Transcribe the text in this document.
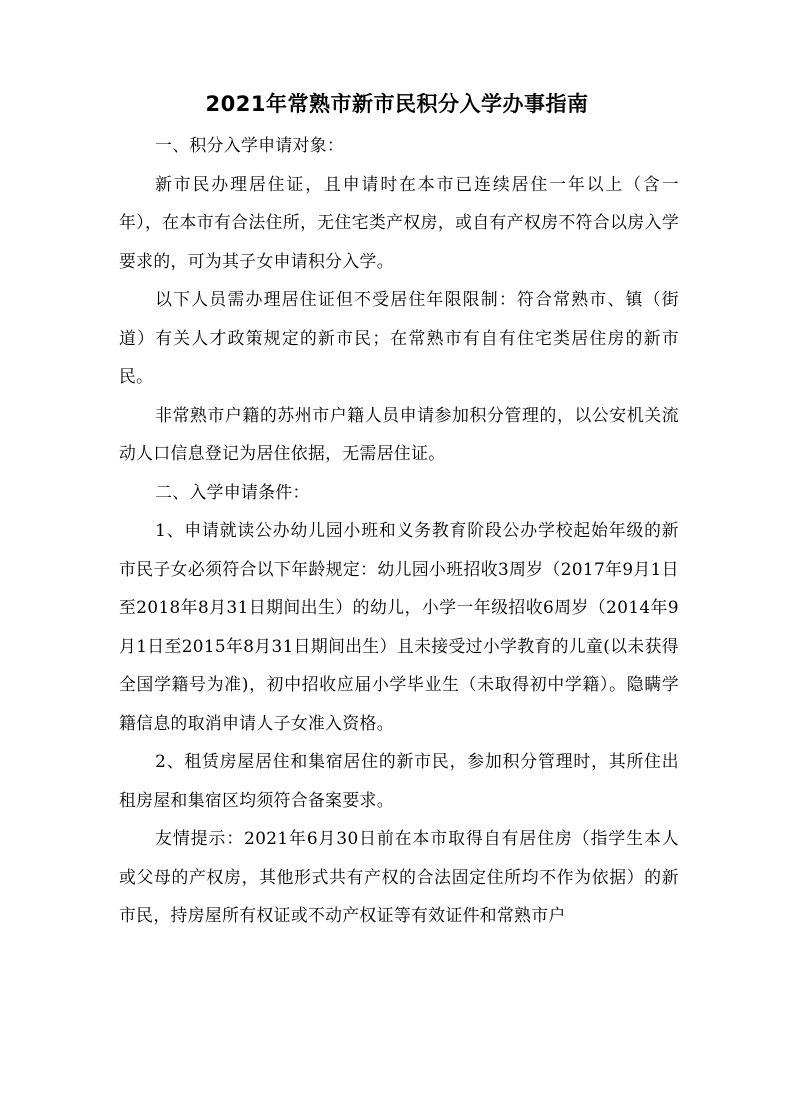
2021年常熟市新市民积分入学办事指南

一、积分入学申请对象：

新市民办理居住证，且申请时在本市已连续居住一年以上（含一年），在本市有合法住所，无住宅类产权房，或自有产权房不符合以房入学要求的，可为其子女申请积分入学。

以下人员需办理居住证但不受居住年限限制：符合常熟市、镇（街道）有关人才政策规定的新市民；在常熟市有自有住宅类居住房的新市民。

非常熟市户籍的苏州市户籍人员申请参加积分管理的，以公安机关流动人口信息登记为居住依据，无需居住证。

二、入学申请条件：

1、申请就读公办幼儿园小班和义务教育阶段公办学校起始年级的新市民子女必须符合以下年龄规定：幼儿园小班招收3周岁（2017年9月1日至2018年8月31日期间出生）的幼儿，小学一年级招收6周岁（2014年9月1日至2015年8月31日期间出生）且未接受过小学教育的儿童(以未获得全国学籍号为准)，初中招收应届小学毕业生（未取得初中学籍）。隐瞒学籍信息的取消申请人子女准入资格。

2、租赁房屋居住和集宿居住的新市民，参加积分管理时，其所住出租房屋和集宿区均须符合备案要求。

友情提示：2021年6月30日前在本市取得自有居住房（指学生本人或父母的产权房，其他形式共有产权的合法固定住所均不作为依据）的新市民，持房屋所有权证或不动产权证等有效证件和常熟市户
